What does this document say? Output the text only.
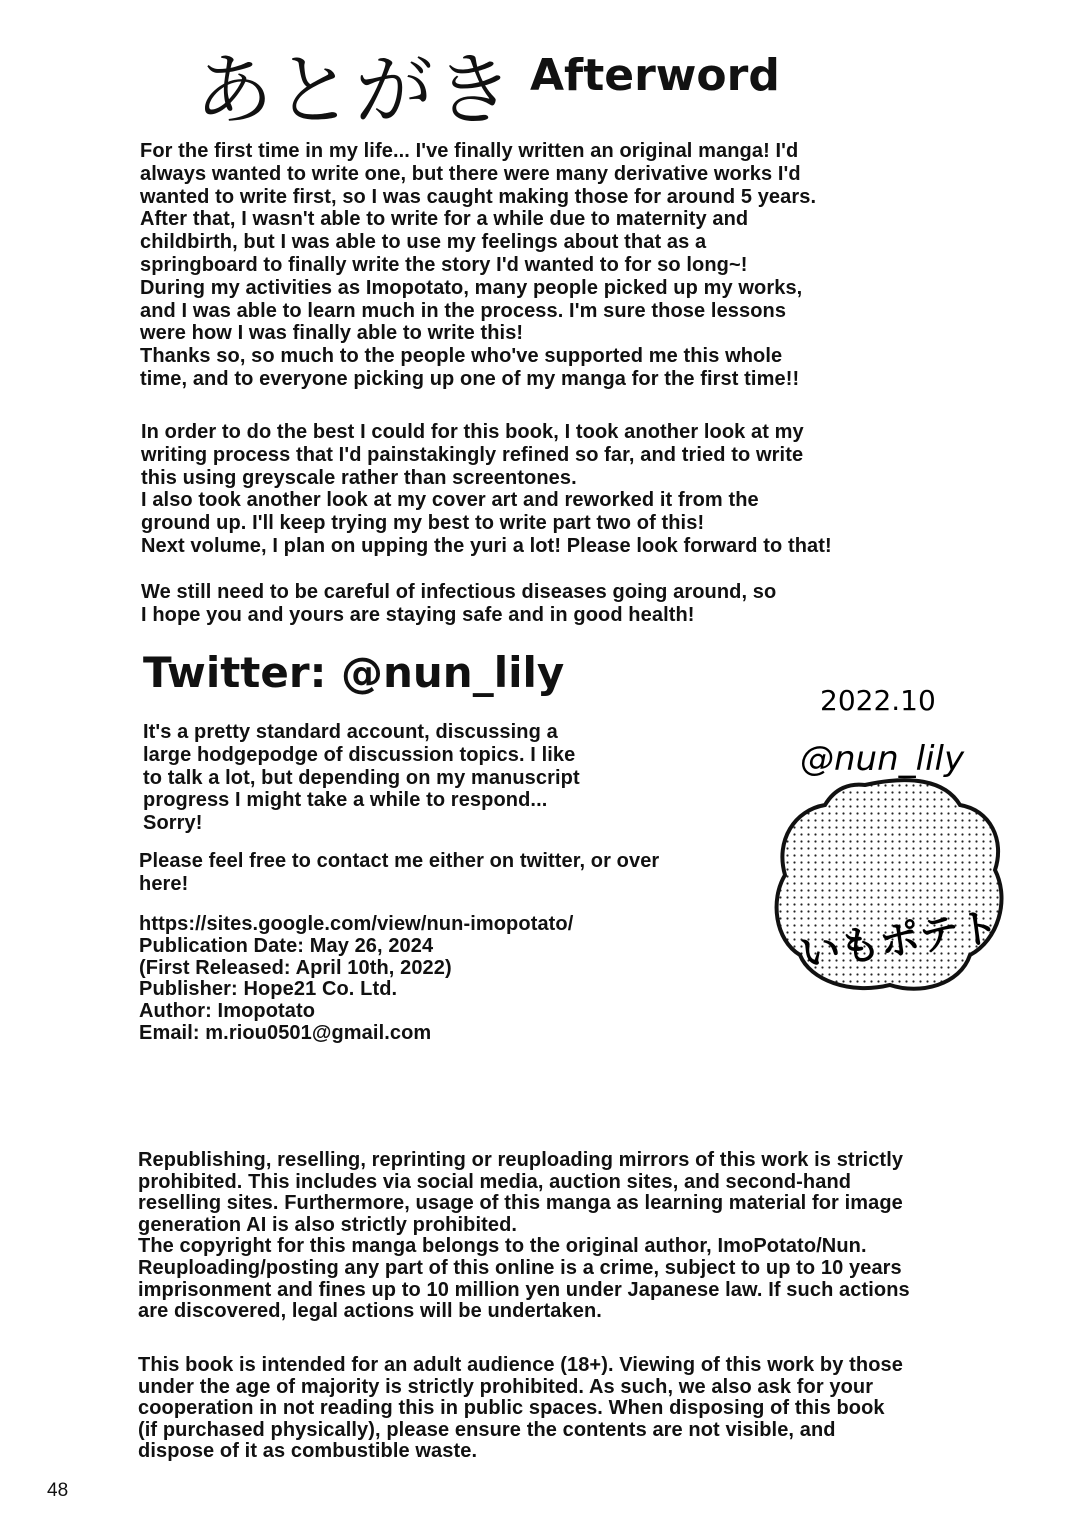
あとがき Afterword
For the first time in my life... I've finally written an original manga! I'd
always wanted to write one, but there were many derivative works I'd
wanted to write first, so I was caught making those for around 5 years.
After that, I wasn't able to write for a while due to maternity and
childbirth, but I was able to use my feelings about that as a
springboard to finally write the story I'd wanted to for so long~!
During my activities as Imopotato, many people picked up my works,
and I was able to learn much in the process. I'm sure those lessons
were how I was finally able to write this!
Thanks so, so much to the people who've supported me this whole
time, and to everyone picking up one of my manga for the first time!!
In order to do the best I could for this book, I took another look at my
writing process that I'd painstakingly refined so far, and tried to write
this using greyscale rather than screentones.
I also took another look at my cover art and reworked it from the
ground up. I'll keep trying my best to write part two of this!
Next volume, I plan on upping the yuri a lot! Please look forward to that!
We still need to be careful of infectious diseases going around, so
I hope you and yours are staying safe and in good health!
Twitter: @nun_lily
It's a pretty standard account, discussing a
large hodgepodge of discussion topics. I like
to talk a lot, but depending on my manuscript
progress I might take a while to respond...
Sorry!
Please feel free to contact me either on twitter, or over
here!
https://sites.google.com/view/nun-imopotato/
Publication Date: May 26, 2024
(First Released: April 10th, 2022)
Publisher: Hope21 Co. Ltd.
Author: Imopotato
Email: m.riou0501@gmail.com
2022.10
@nun_lily
いもポテト
Republishing, reselling, reprinting or reuploading mirrors of this work is strictly
prohibited. This includes via social media, auction sites, and second-hand
reselling sites. Furthermore, usage of this manga as learning material for image
generation AI is also strictly prohibited.
The copyright for this manga belongs to the original author, ImoPotato/Nun.
Reuploading/posting any part of this online is a crime, subject to up to 10 years
imprisonment and fines up to 10 million yen under Japanese law. If such actions
are discovered, legal actions will be undertaken.
This book is intended for an adult audience (18+). Viewing of this work by those
under the age of majority is strictly prohibited. As such, we also ask for your
cooperation in not reading this in public spaces. When disposing of this book
(if purchased physically), please ensure the contents are not visible, and
dispose of it as combustible waste.
48
